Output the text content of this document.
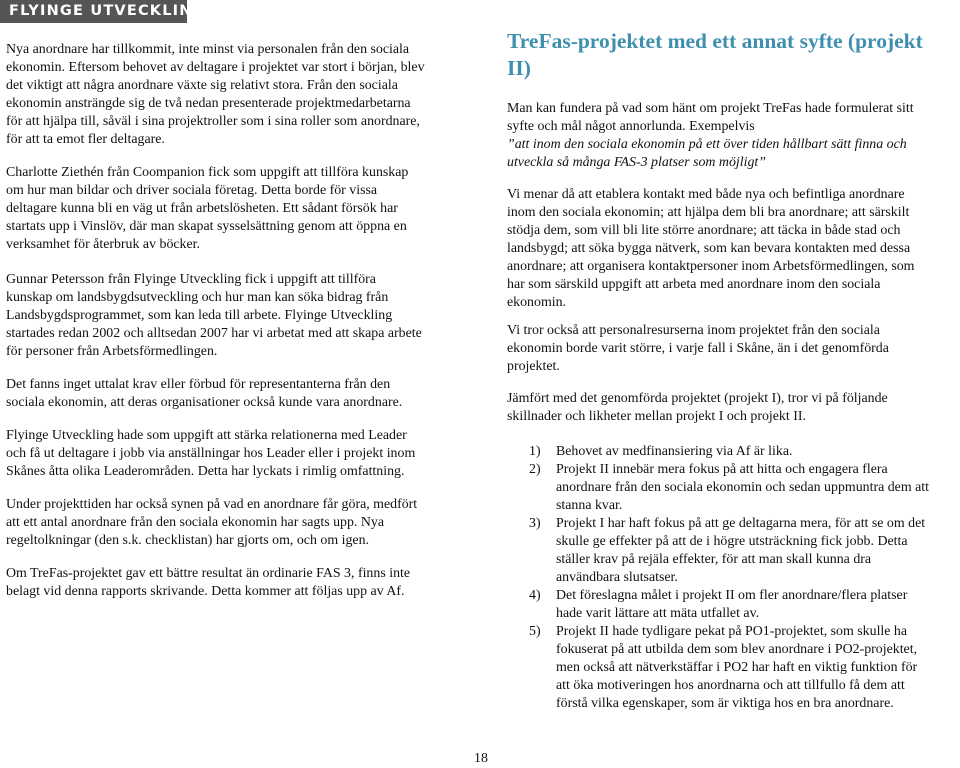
FLYINGE UTVECKLING
Nya anordnare har tillkommit, inte minst via personalen från den sociala
ekonomin. Eftersom behovet av deltagare i projektet var stort i början, blev
det viktigt att några anordnare växte sig relativt stora. Från den sociala
ekonomin ansträngde sig de två nedan presenterade projektmedarbetarna
för att hjälpa till, såväl i sina projektroller som i sina roller som anordnare,
för att ta emot fler deltagare.
Charlotte Ziethén från Coompanion fick som uppgift att tillföra kunskap
om hur man bildar och driver sociala företag. Detta borde för vissa
deltagare kunna bli en väg ut från arbetslösheten. Ett sådant försök har
startats upp i Vinslöv, där man skapat sysselsättning genom att öppna en
verksamhet för återbruk av böcker.
Gunnar Petersson från Flyinge Utveckling fick i uppgift att tillföra
kunskap om landsbygdsutveckling och hur man kan söka bidrag från
Landsbygdsprogrammet, som kan leda till arbete. Flyinge Utveckling
startades redan 2002 och alltsedan 2007 har vi arbetat med att skapa arbete
för personer från Arbetsförmedlingen.
Det fanns inget uttalat krav eller förbud för representanterna från den
sociala ekonomin, att deras organisationer också kunde vara anordnare.
Flyinge Utveckling hade som uppgift att stärka relationerna med Leader
och få ut deltagare i jobb via anställningar hos Leader eller i projekt inom
Skånes åtta olika Leaderområden. Detta har lyckats i rimlig omfattning.
Under projekttiden har också synen på vad en anordnare får göra, medfört
att ett antal anordnare från den sociala ekonomin har sagts upp. Nya
regeltolkningar (den s.k. checklistan) har gjorts om, och om igen.
Om TreFas-projektet gav ett bättre resultat än ordinarie FAS 3, finns inte
belagt vid denna rapports skrivande. Detta kommer att följas upp av Af.
TreFas-projektet med ett annat syfte (projekt
II)
Man kan fundera på vad som hänt om projekt TreFas hade formulerat sitt
syfte och mål något annorlunda. Exempelvis
”att inom den sociala ekonomin på ett över tiden hållbart sätt finna och
utveckla så många FAS-3 platser som möjligt”
Vi menar då att etablera kontakt med både nya och befintliga anordnare
inom den sociala ekonomin; att hjälpa dem bli bra anordnare; att särskilt
stödja dem, som vill bli lite större anordnare; att täcka in både stad och
landsbygd; att söka bygga nätverk, som kan bevara kontakten med dessa
anordnare; att organisera kontaktpersoner inom Arbetsförmedlingen, som
har som särskild uppgift att arbeta med anordnare inom den sociala
ekonomin.
Vi tror också att personalresurserna inom projektet från den sociala
ekonomin borde varit större, i varje fall i Skåne, än i det genomförda
projektet.
Jämfört med det genomförda projektet (projekt I), tror vi på följande
skillnader och likheter mellan projekt I och projekt II.
1) Behovet av medfinansiering via Af är lika.
2) Projekt II innebär mera fokus på att hitta och engagera flera
anordnare från den sociala ekonomin och sedan uppmuntra dem att
stanna kvar.
3) Projekt I har haft fokus på att ge deltagarna mera, för att se om det
skulle ge effekter på att de i högre utsträckning fick jobb. Detta
ställer krav på rejäla effekter, för att man skall kunna dra
användbara slutsatser.
4) Det föreslagna målet i projekt II om fler anordnare/flera platser
hade varit lättare att mäta utfallet av.
5) Projekt II hade tydligare pekat på PO1-projektet, som skulle ha
fokuserat på att utbilda dem som blev anordnare i PO2-projektet,
men också att nätverkstäffar i PO2 har haft en viktig funktion för
att öka motiveringen hos anordnarna och att tillfullo få dem att
förstå vilka egenskaper, som är viktiga hos en bra anordnare.
18
